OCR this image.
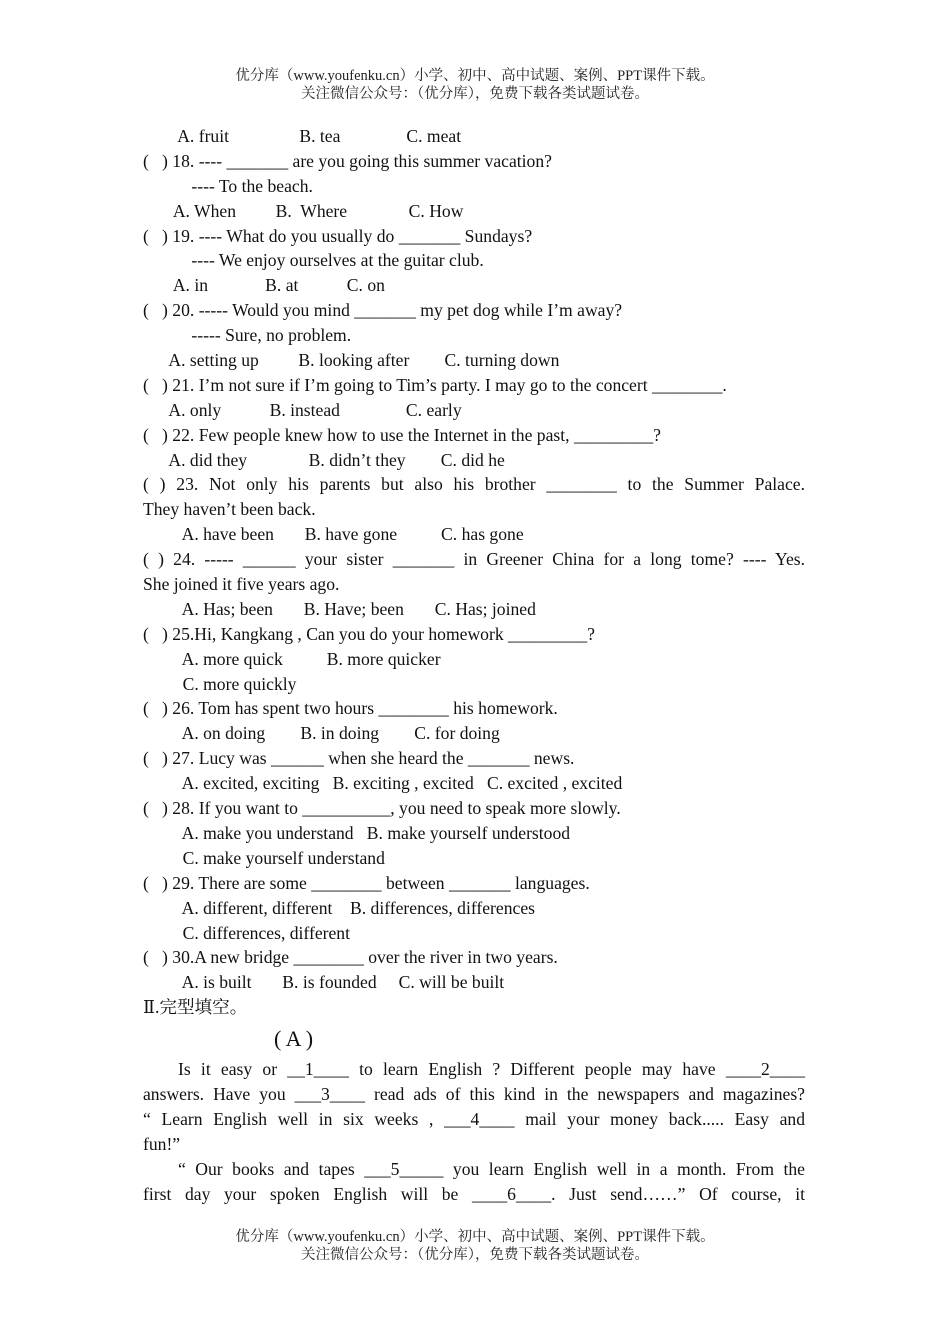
优分库（www.youfenku.cn）小学、初中、高中试题、案例、PPT课件下载。
关注微信公众号：（优分库），免费下载各类试题试卷。
A. fruit                B. tea               C. meat
(   ) 18. ---- _______ are you going this summer vacation?
---- To the beach.
A. When         B.  Where              C. How
(   ) 19. ---- What do you usually do _______ Sundays?
---- We enjoy ourselves at the guitar club.
A. in             B. at           C. on
(   ) 20. ----- Would you mind _______ my pet dog while I’m away?
----- Sure, no problem.
A. setting up         B. looking after        C. turning down
(   ) 21. I’m not sure if I’m going to Tim’s party. I may go to the concert ________.
A. only           B. instead               C. early
(   ) 22. Few people knew how to use the Internet in the past, _________?
A. did they              B. didn’t they        C. did he
( ) 23. Not only his parents but also his brother ________ to the Summer Palace.
They haven’t been back.
A. have been       B. have gone          C. has gone
( ) 24. ----- ______ your sister _______ in Greener China for a long tome? ---- Yes.
She joined it five years ago.
A. Has; been       B. Have; been       C. Has; joined
(   ) 25.Hi, Kangkang , Can you do your homework _________?
A. more quick          B. more quicker
C. more quickly
(   ) 26. Tom has spent two hours ________ his homework.
A. on doing        B. in doing        C. for doing
(   ) 27. Lucy was ______ when she heard the _______ news.
A. excited, exciting   B. exciting , excited   C. excited , excited
(   ) 28. If you want to __________, you need to speak more slowly.
A. make you understand   B. make yourself understood
C. make yourself understand
(   ) 29. There are some ________ between _______ languages.
A. different, different    B. differences, differences
C. differences, different
(   ) 30.A new bridge ________ over the river in two years.
A. is built       B. is founded     C. will be built
Ⅱ.完型填空。
( A )
Is it easy or __1____ to learn English ? Different people may have ____2____
answers. Have you ___3____ read ads of this kind in the newspapers and magazines?
“ Learn English well in six weeks , ___4____ mail your money back..... Easy and
fun!”
“ Our books and tapes ___5_____ you learn English well in a month. From the
first day your spoken English will be ____6____. Just send……” Of course, it
优分库（www.youfenku.cn）小学、初中、高中试题、案例、PPT课件下载。
关注微信公众号：（优分库），免费下载各类试题试卷。
